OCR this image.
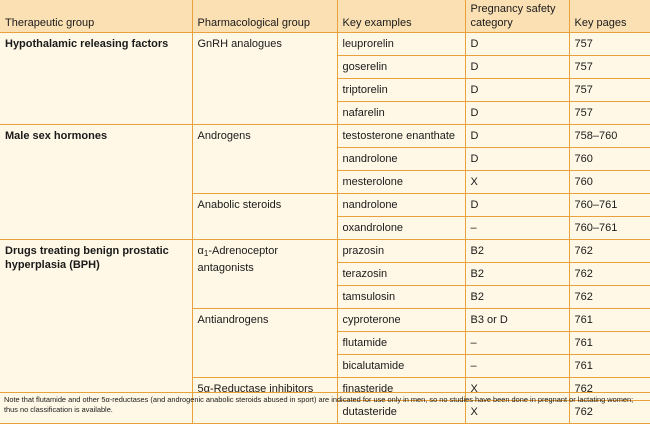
Therapeutic group	Pharmacological group	Key examples	Pregnancy safety category	Key pages
Hypothalamic releasing factors	GnRH analogues	leuprorelin	D	757
		goserelin	D	757
		triptorelin	D	757
		nafarelin	D	757
Male sex hormones	Androgens	testosterone enanthate	D	758–760
		nandrolone	D	760
		mesterolone	X	760
	Anabolic steroids	nandrolone	D	760–761
		oxandrolone	–	760–761
Drugs treating benign prostatic hyperplasia (BPH)	$\alpha_1$-Adrenoceptor antagonists	prazosin	B2	762
		terazosin	B2	762
		tamsulosin	B2	762
	Antiandrogens	cyproterone	B3 or D	761
		flutamide	–	761
		bicalutamide	–	761
	5α-Reductase inhibitors	finasteride	X	762
		dutasteride	X	762
Note that flutamide and other 5α-reductases (and androgenic anabolic steroids abused in sport) are indicated for use only in men, so no studies have been done in pregnant or lactating women; thus no classification is available.
